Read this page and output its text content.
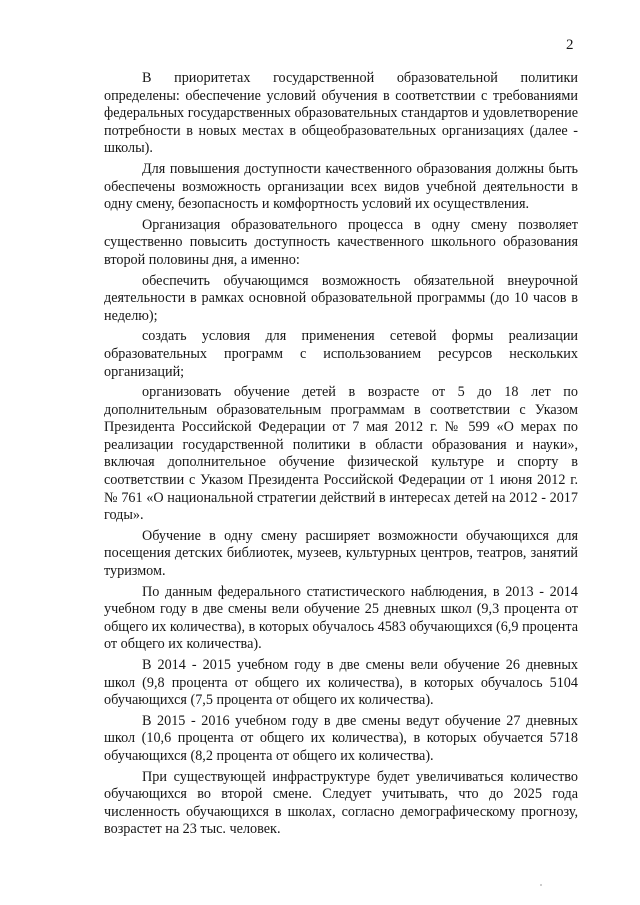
2

В приоритетах государственной образовательной политики определены: обеспечение условий обучения в соответствии с требованиями федеральных государственных образовательных стандартов и удовлетворение потребности в новых местах в общеобразовательных организациях (далее - школы).

Для повышения доступности качественного образования должны быть обеспечены возможность организации всех видов учебной деятельности в одну смену, безопасность и комфортность условий их осуществления.

Организация образовательного процесса в одну смену позволяет существенно повысить доступность качественного школьного образования второй половины дня, а именно:

обеспечить обучающимся возможность обязательной внеурочной деятельности в рамках основной образовательной программы (до 10 часов в неделю);

создать условия для применения сетевой формы реализации образовательных программ с использованием ресурсов нескольких организаций;

организовать обучение детей в возрасте от 5 до 18 лет по дополнительным образовательным программам в соответствии с Указом Президента Российской Федерации от 7 мая 2012 г. № 599 «О мерах по реализации государственной политики в области образования и науки», включая дополнительное обучение физической культуре и спорту в соответствии с Указом Президента Российской Федерации от 1 июня 2012 г. № 761 «О национальной стратегии действий в интересах детей на 2012 - 2017 годы».

Обучение в одну смену расширяет возможности обучающихся для посещения детских библиотек, музеев, культурных центров, театров, занятий туризмом.

По данным федерального статистического наблюдения, в 2013 - 2014 учебном году в две смены вели обучение 25 дневных школ (9,3 процента от общего их количества), в которых обучалось 4583 обучающихся (6,9 процента от общего их количества).

В 2014 - 2015 учебном году в две смены вели обучение 26 дневных школ (9,8 процента от общего их количества), в которых обучалось 5104 обучающихся (7,5 процента от общего их количества).

В 2015 - 2016 учебном году в две смены ведут обучение 27 дневных школ (10,6 процента от общего их количества), в которых обучается 5718 обучающихся (8,2 процента от общего их количества).

При существующей инфраструктуре будет увеличиваться количество обучающихся во второй смене. Следует учитывать, что до 2025 года численность обучающихся в школах, согласно демографическому прогнозу, возрастет на 23 тыс. человек.
